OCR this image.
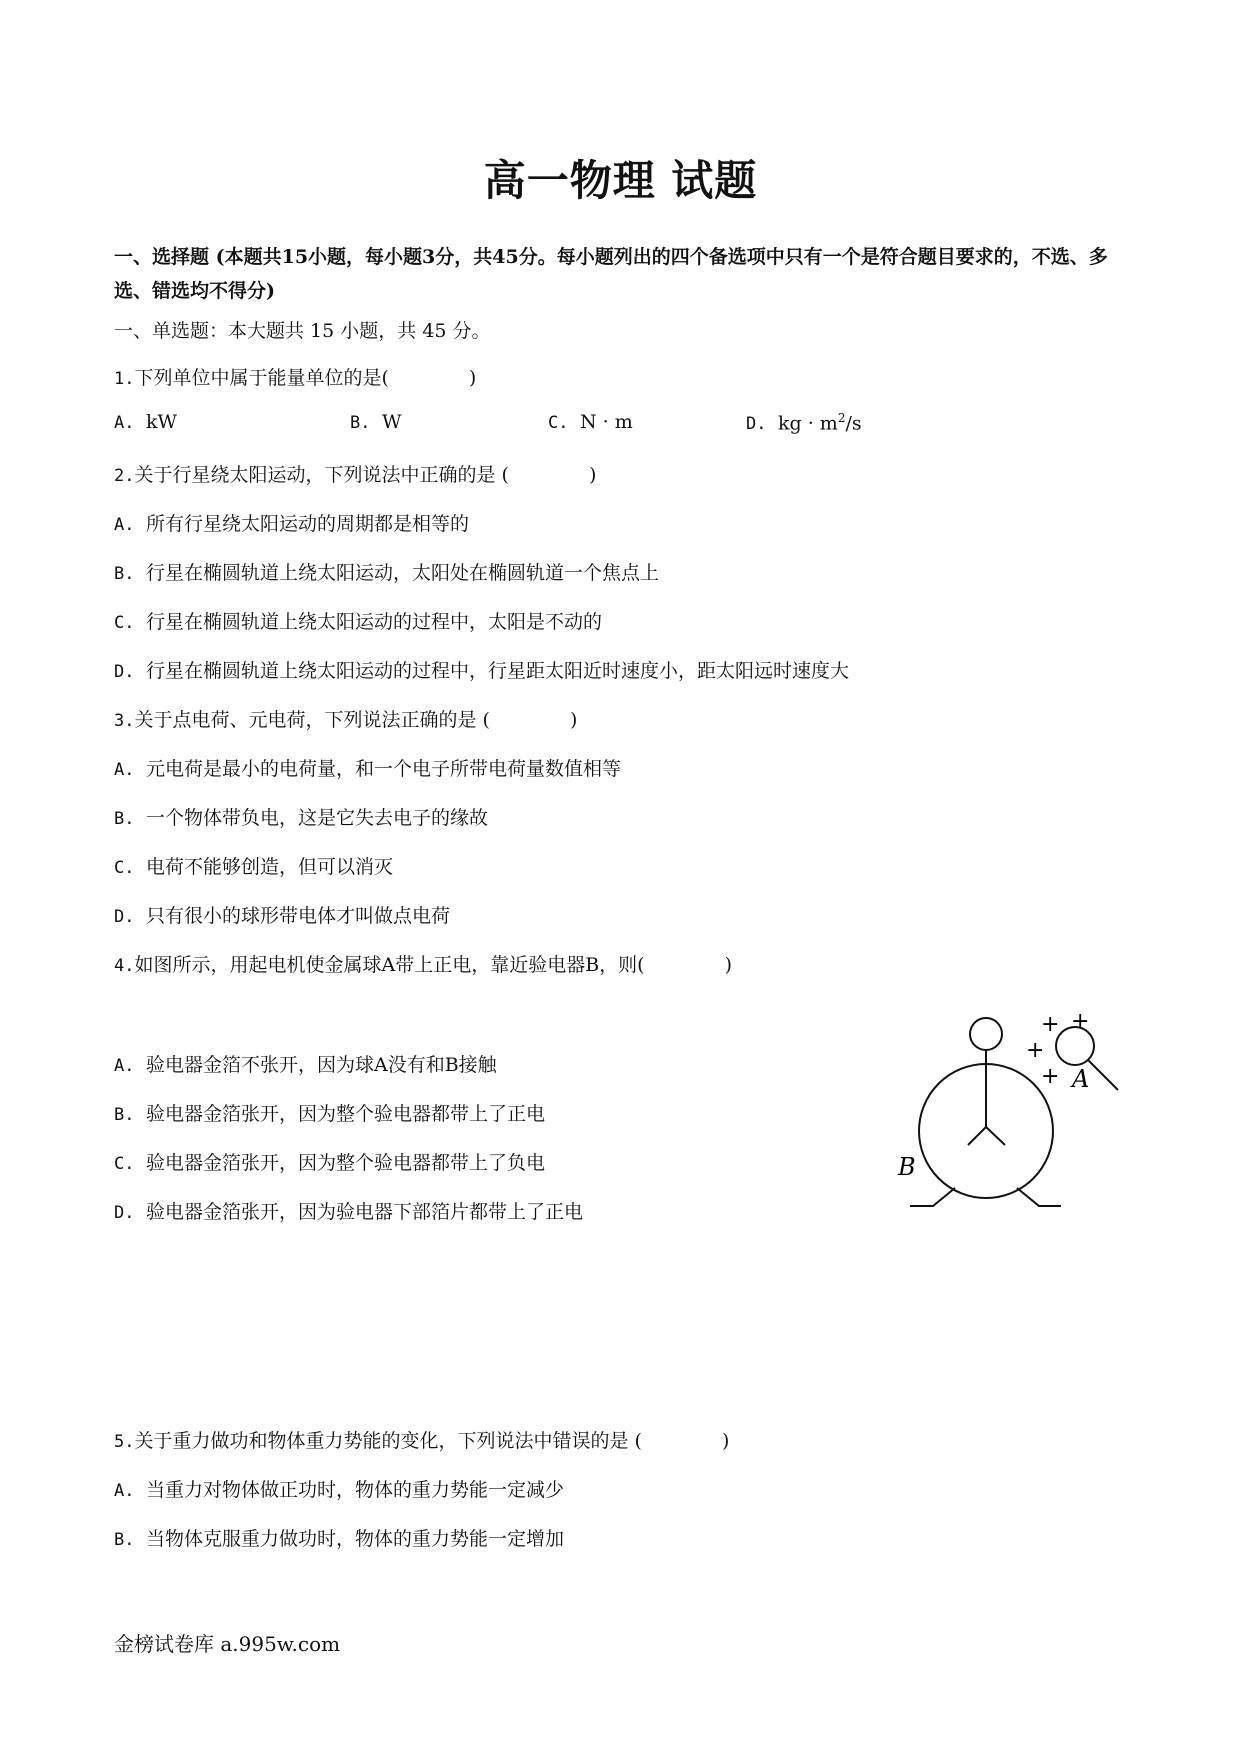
高一物理 试题
一、选择题 (本题共15小题，每小题3分，共45分。每小题列出的四个备选项中只有一个是符合题目要求的，不选、多选、错选均不得分)
一、单选题：本大题共 15 小题，共 45 分。
1.下列单位中属于能量单位的是(	)
A. kW	B. W	C. N · m	D. kg · $m^2/s$
2.关于行星绕太阳运动，下列说法中正确的是 (	)
A. 所有行星绕太阳运动的周期都是相等的
B. 行星在椭圆轨道上绕太阳运动，太阳处在椭圆轨道一个焦点上
C. 行星在椭圆轨道上绕太阳运动的过程中，太阳是不动的
D. 行星在椭圆轨道上绕太阳运动的过程中，行星距太阳近时速度小，距太阳远时速度大
3.关于点电荷、元电荷，下列说法正确的是 (	)
A. 元电荷是最小的电荷量，和一个电子所带电荷量数值相等
B. 一个物体带负电，这是它失去电子的缘故
C. 电荷不能够创造，但可以消灭
D. 只有很小的球形带电体才叫做点电荷
4.如图所示，用起电机使金属球A带上正电，靠近验电器B，则(	)
A. 验电器金箔不张开，因为球A没有和B接触
B. 验电器金箔张开，因为整个验电器都带上了正电
C. 验电器金箔张开，因为整个验电器都带上了负电
D. 验电器金箔张开，因为验电器下部箔片都带上了正电
+ +
+
+ A
B
5.关于重力做功和物体重力势能的变化，下列说法中错误的是 (	)
A. 当重力对物体做正功时，物体的重力势能一定减少
B. 当物体克服重力做功时，物体的重力势能一定增加
金榜试卷库 a.995w.com
